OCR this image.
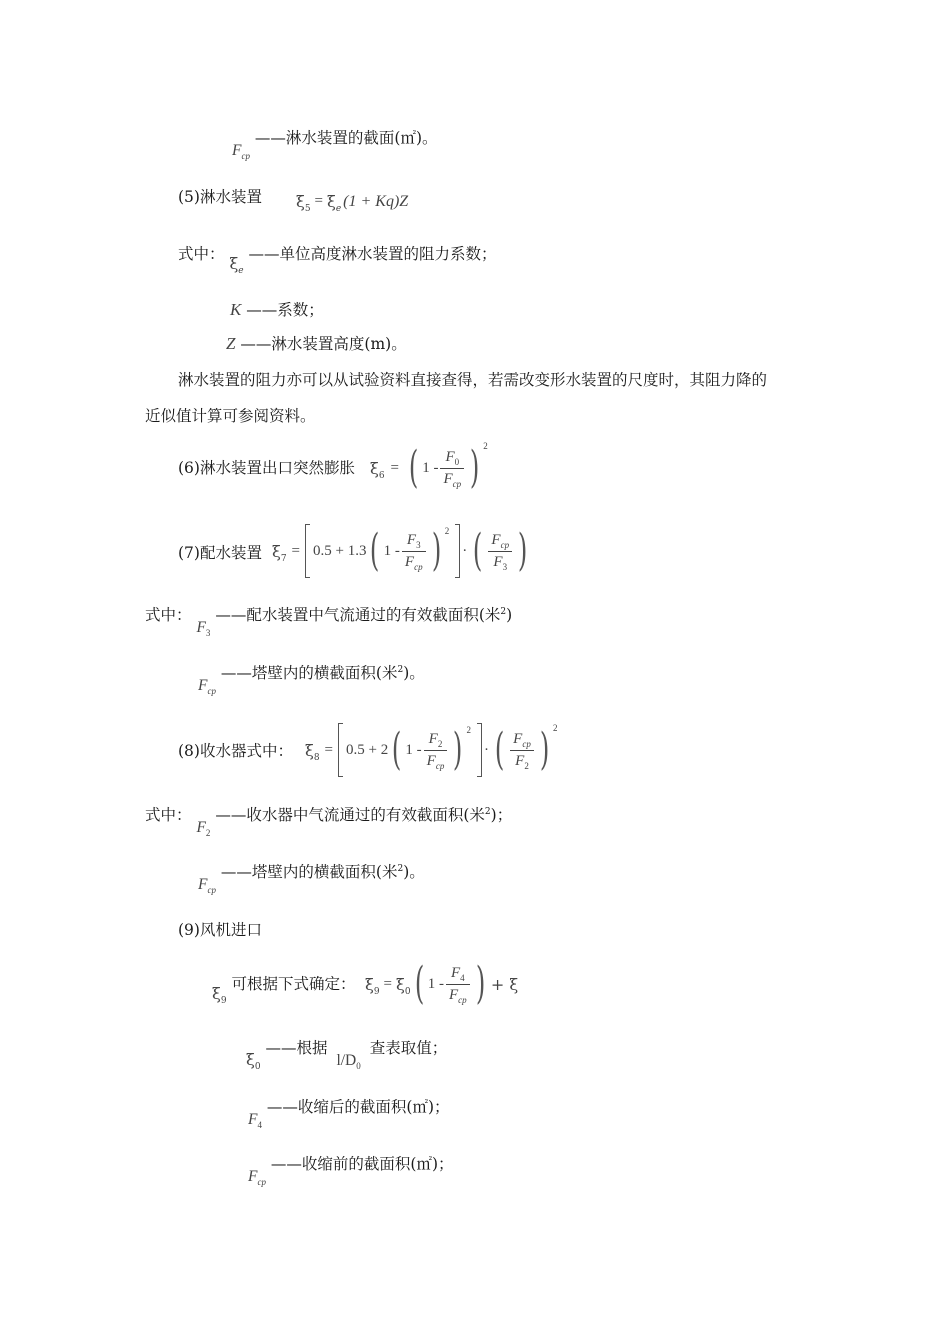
$F_{cp}$ ——淋水装置的截面(㎡)。
(5)淋水装置 $\xi_5 = \xi_e$ (1 + Kq) Z
式中： $\xi_e$ ——单位高度淋水装置的阻力系数；
K ——系数；
Z ——淋水装置高度(m)。
淋水装置的阻力亦可以从试验资料直接查得，若需改变形水装置的尺度时，其阻力降的
近似值计算可参阅资料。
(6)淋水装置出口突然膨胀 $\xi_6$ = ( $1 - \frac{F_0}{F_{cp}}$ ) 2
(7)配水装置 $\xi_7 = 0.5 + 1.3$ ( $1 - \frac{F_3}{F_{cp}}$ ) 2
· ( $\frac{F_{cp}}{F_3}$ )
式中： $F_3$ ——配水装置中气流通过的有效截面积(米$^2$)
$F_{cp}$ ——塔壁内的横截面积(米$^2$)。
(8)收水器式中： $\xi_8 = 0.5 + 2$ ( $1 - \frac{F_2}{F_{cp}}$ ) 2
· ( $\frac{F_{cp}}{F_2}$ ) 2
式中： $F_2$ ——收水器中气流通过的有效截面积(米$^2$)；
$F_{cp}$ ——塔壁内的横截面积(米$^2$)。
(9)风机进口
$\xi_9$ 可根据下式确定： $\xi_9 = \xi_0$ ( $1 - \frac{F_4}{F_{cp}}$ ) + ξ
$\xi_0$ ——根据 $l/D_0$ 查表取值；
$F_4$ ——收缩后的截面积(㎡)；
$F_{cp}$ ——收缩前的截面积(㎡)；
